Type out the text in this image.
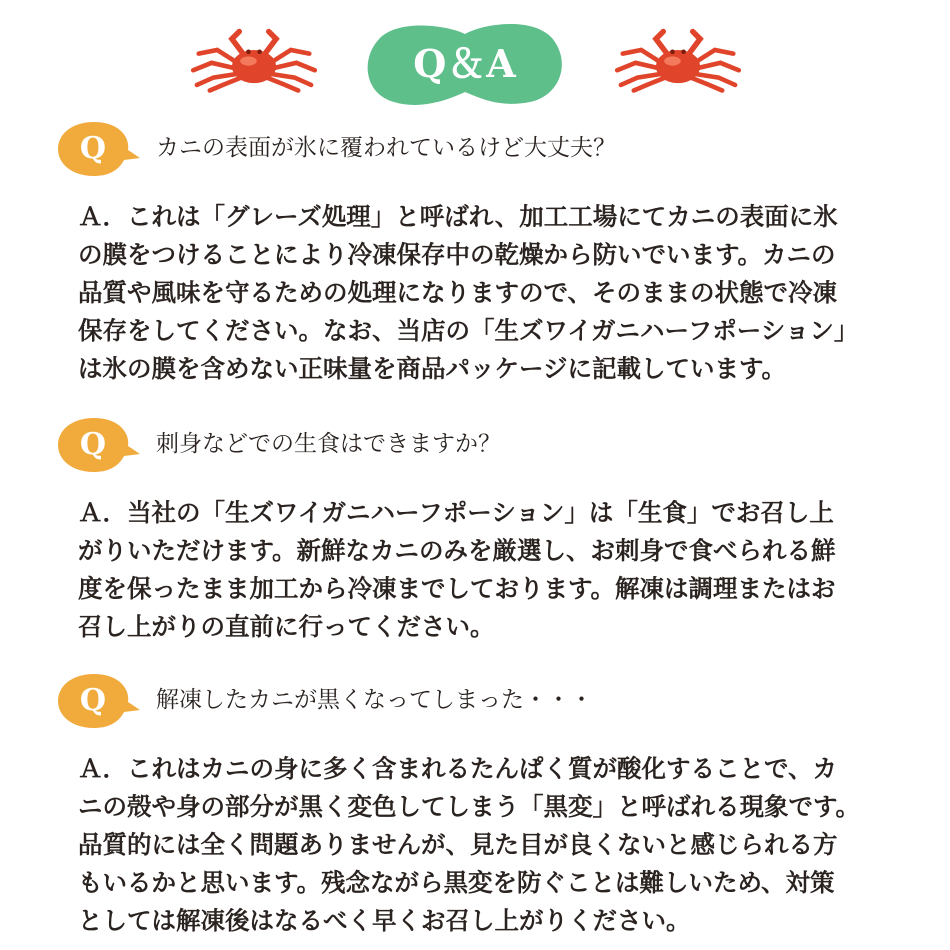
Q＆A
Q	カニの表面が氷に覆われているけど大丈夫？
Ａ．これは「グレーズ処理」と呼ばれ、加工工場にてカニの表面に氷
の膜をつけることにより冷凍保存中の乾燥から防いでいます。カニの
品質や風味を守るための処理になりますので、そのままの状態で冷凍
保存をしてください。なお、当店の「生ズワイガニハーフポーション」
は氷の膜を含めない正味量を商品パッケージに記載しています。
Q	刺身などでの生食はできますか？
Ａ．当社の「生ズワイガニハーフポーション」は「生食」でお召し上
がりいただけます。新鮮なカニのみを厳選し、お刺身で食べられる鮮
度を保ったまま加工から冷凍までしております。解凍は調理またはお
召し上がりの直前に行ってください。
Q	解凍したカニが黒くなってしまった・・・
Ａ．これはカニの身に多く含まれるたんぱく質が酸化することで、カ
ニの殻や身の部分が黒く変色してしまう「黒変」と呼ばれる現象です。
品質的には全く問題ありませんが、見た目が良くないと感じられる方
もいるかと思います。残念ながら黒変を防ぐことは難しいため、対策
としては解凍後はなるべく早くお召し上がりください。
